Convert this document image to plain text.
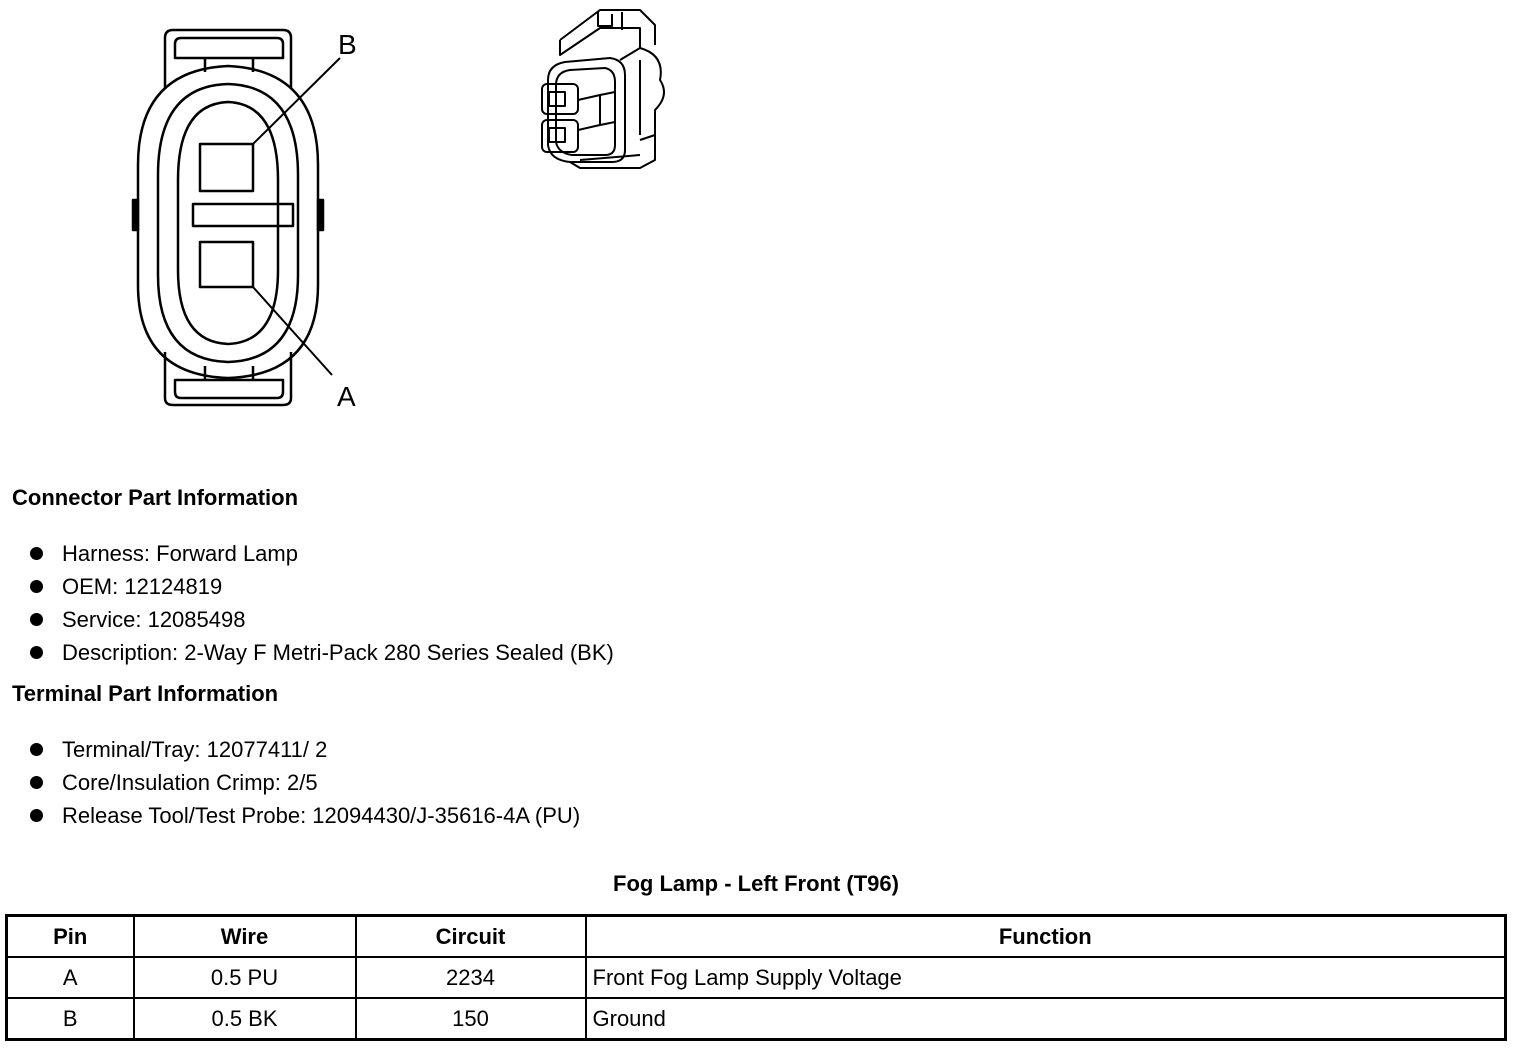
B
A
Connector Part Information
Harness: Forward Lamp
OEM: 12124819
Service: 12085498
Description: 2-Way F Metri-Pack 280 Series Sealed (BK)
Terminal Part Information
Terminal/Tray: 12077411/ 2
Core/Insulation Crimp: 2/5
Release Tool/Test Probe: 12094430/J-35616-4A (PU)
Fog Lamp - Left Front (T96)
Pin	Wire	Circuit	Function
A	0.5 PU	2234	Front Fog Lamp Supply Voltage
B	0.5 BK	150	Ground
